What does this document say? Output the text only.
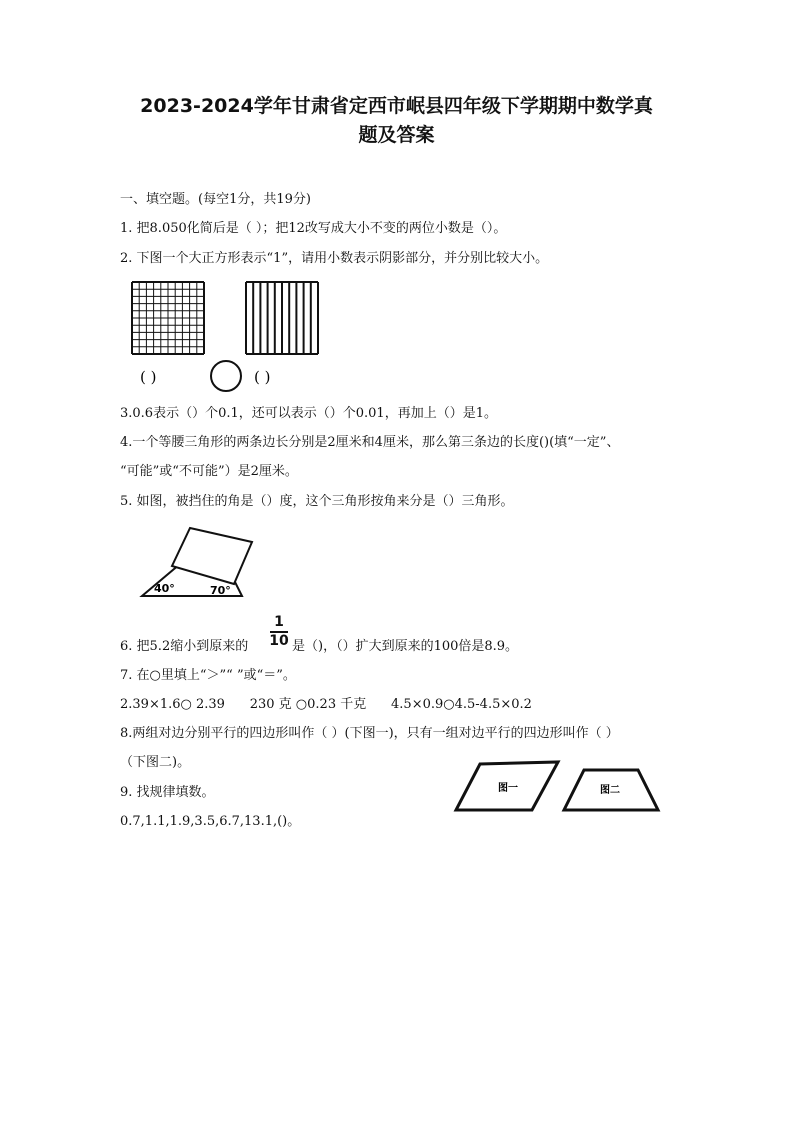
2023-2024学年甘肃省定西市岷县四年级下学期期中数学真
题及答案
一、填空题。(每空1分，共19分)
1. 把8.050化简后是（ ）；把12改写成大小不变的两位小数是（）。
2. 下图一个大正方形表示“1”，请用小数表示阴影部分，并分别比较大小。
( )	( )
3.0.6表示（）个0.1，还可以表示（）个0.01，再加上（）是1。
4.一个等腰三角形的两条边长分别是2厘米和4厘米，那么第三条边的长度()(填“一定”、
“可能”或“不可能”）是2厘米。
5. 如图，被挡住的角是（）度，这个三角形按角来分是（）三角形。
40°	70°
6. 把5.2缩小到原来的
1
10 是（)，（）扩大到原来的100倍是8.9。
7. 在○里填上“＞”“ ”或“＝”。
2.39×1.6○ 2.39      230 克 ○0.23 千克      4.5×0.9○4.5-4.5×0.2
8.两组对边分别平行的四边形叫作（ ）(下图一)，只有一组对边平行的四边形叫作（ ）
（下图二)。
9. 找规律填数。
0.7,1.1,1.9,3.5,6.7,13.1,()。
图一	图二
